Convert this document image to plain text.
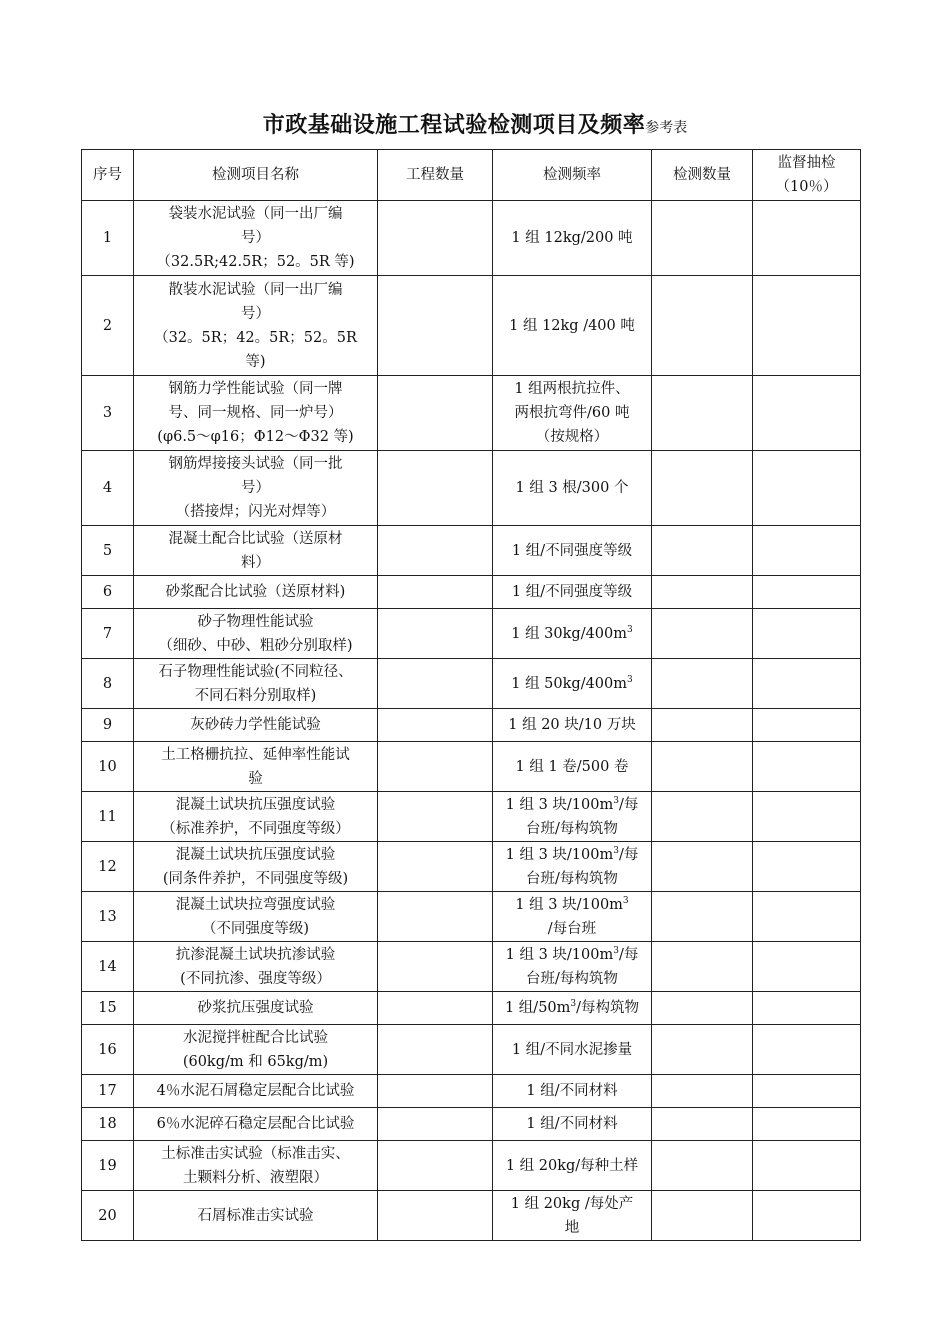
市政基础设施工程试验检测项目及频率参考表
序号	检测项目名称	工程数量	检测频率	检测数量	监督抽检
（10％）
1	袋装水泥试验（同一出厂编
号）
（32.5R;42.5R；52。5R 等)		1 组 12kg/200 吨		
2	散装水泥试验（同一出厂编
号）
（32。5R；42。5R；52。5R
等)		1 组 12kg /400 吨		
3	钢筋力学性能试验（同一牌
号、同一规格、同一炉号）
(φ6.5～φ16；Φ12～Φ32 等)		1 组两根抗拉件、
两根抗弯件/60 吨
（按规格）		
4	钢筋焊接接头试验（同一批
号）
（搭接焊；闪光对焊等）		1 组 3 根/300 个		
5	混凝土配合比试验（送原材
料）		1 组/不同强度等级		
6	砂浆配合比试验（送原材料)		1 组/不同强度等级		
7	砂子物理性能试验
（细砂、中砂、粗砂分别取样)		1 组 $30kg/400m^3$		
8	石子物理性能试验(不同粒径、
不同石料分别取样)		1 组 $50kg/400m^3$		
9	灰砂砖力学性能试验		1 组 20 块/10 万块		
10	土工格栅抗拉、延伸率性能试
验		1 组 1 卷/500 卷		
11	混凝土试块抗压强度试验
（标准养护，不同强度等级）		1 组 3 块$/100m^3/$每
台班/每构筑物		
12	混凝土试块抗压强度试验
(同条件养护，不同强度等级)		1 组 3 块$/100m^3/$每
台班/每构筑物		
13	混凝土试块拉弯强度试验
（不同强度等级)		1 组 3 块$/100m^3$
/每台班		
14	抗渗混凝土试块抗渗试验
(不同抗渗、强度等级）		1 组 3 块$/100m^3/$每
台班/每构筑物		
15	砂浆抗压强度试验		1 组$/50m^3/$每构筑物		
16	水泥搅拌桩配合比试验
(60kg/m 和 65kg/m)		1 组/不同水泥掺量		
17	4％水泥石屑稳定层配合比试验		1 组/不同材料		
18	6％水泥碎石稳定层配合比试验		1 组/不同材料		
19	土标准击实试验（标准击实、
土颗料分析、液塑限）		1 组 20kg/每种土样		
20	石屑标准击实试验		1 组 20kg /每处产
地		
